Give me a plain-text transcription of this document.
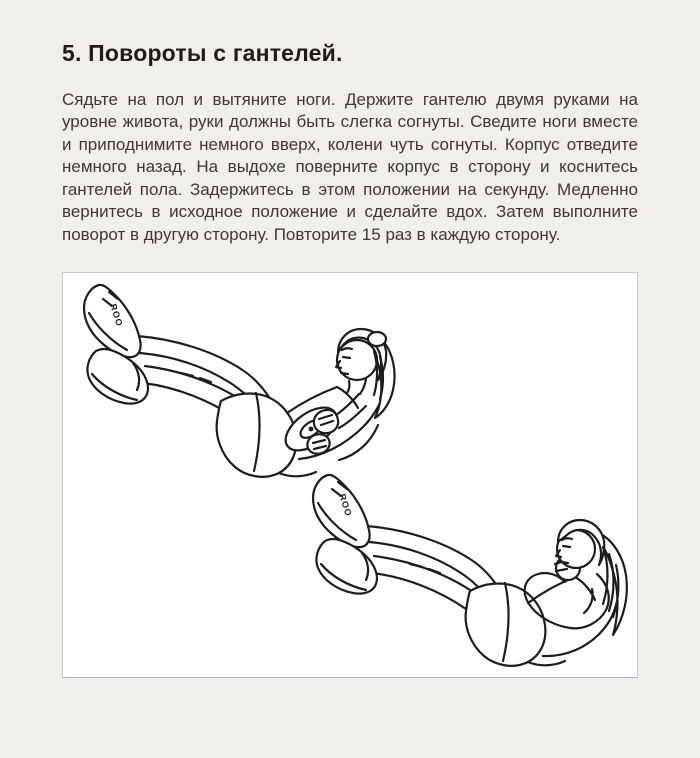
5. Повороты с гантелей.

Сядьте на пол и вытяните ноги. Держите гантелю двумя руками на уровне живота, руки должны быть слегка согнуты. Сведите ноги вместе и приподнимите немного вверх, колени чуть согнуты. Корпус отведите немного назад. На выдохе поверните корпус в сторону и коснитесь гантелей пола. Задержитесь в этом положении на секунду. Медленно вернитесь в исходное положение и сделайте вдох. Затем выполните поворот в другую сторону. Повторите 15 раз в каждую сторону.

ROO
ROO
